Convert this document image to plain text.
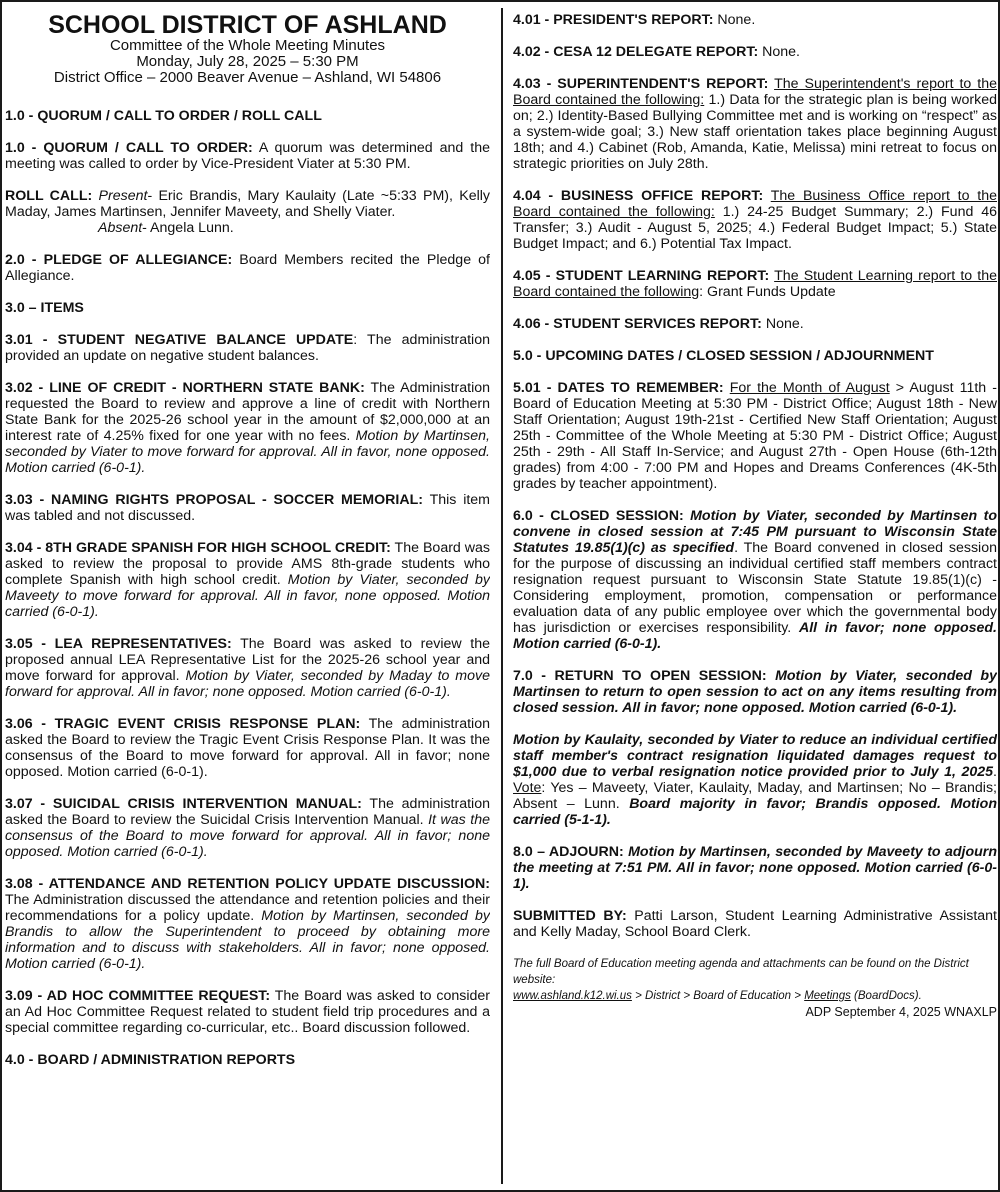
SCHOOL DISTRICT OF ASHLAND
Committee of the Whole Meeting Minutes
Monday, July 28, 2025 – 5:30 PM
District Office – 2000 Beaver Avenue – Ashland, WI 54806

1.0 - QUORUM / CALL TO ORDER / ROLL CALL

1.0 - QUORUM / CALL TO ORDER: A quorum was determined and the meeting was called to order by Vice-President Viater at 5:30 PM.

ROLL CALL: Present- Eric Brandis, Mary Kaulaity (Late ~5:33 PM), Kelly Maday, James Martinsen, Jennifer Maveety, and Shelly Viater.

Absent- Angela Lunn.

2.0 - PLEDGE OF ALLEGIANCE: Board Members recited the Pledge of Allegiance.

3.0 – ITEMS

3.01 - STUDENT NEGATIVE BALANCE UPDATE: The administration provided an update on negative student balances.

3.02 - LINE OF CREDIT - NORTHERN STATE BANK: The Administration requested the Board to review and approve a line of credit with Northern State Bank for the 2025-26 school year in the amount of $2,000,000 at an interest rate of 4.25% fixed for one year with no fees. Motion by Martinsen, seconded by Viater to move forward for approval. All in favor, none opposed. Motion carried (6-0-1).

3.03 - NAMING RIGHTS PROPOSAL - SOCCER MEMORIAL: This item was tabled and not discussed.

3.04 - 8TH GRADE SPANISH FOR HIGH SCHOOL CREDIT: The Board was asked to review the proposal to provide AMS 8th-grade students who complete Spanish with high school credit. Motion by Viater, seconded by Maveety to move forward for approval. All in favor, none opposed. Motion carried (6-0-1).

3.05 - LEA REPRESENTATIVES: The Board was asked to review the proposed annual LEA Representative List for the 2025-26 school year and move forward for approval. Motion by Viater, seconded by Maday to move forward for approval. All in favor; none opposed. Motion carried (6-0-1).

3.06 - TRAGIC EVENT CRISIS RESPONSE PLAN: The administration asked the Board to review the Tragic Event Crisis Response Plan. It was the consensus of the Board to move forward for approval. All in favor; none opposed. Motion carried (6-0-1).

3.07 - SUICIDAL CRISIS INTERVENTION MANUAL: The administration asked the Board to review the Suicidal Crisis Intervention Manual. It was the consensus of the Board to move forward for approval. All in favor; none opposed. Motion carried (6-0-1).

3.08 - ATTENDANCE AND RETENTION POLICY UPDATE DISCUSSION: The Administration discussed the attendance and retention policies and their recommendations for a policy update. Motion by Martinsen, seconded by Brandis to allow the Superintendent to proceed by obtaining more information and to discuss with stakeholders. All in favor; none opposed. Motion carried (6-0-1).

3.09 - AD HOC COMMITTEE REQUEST: The Board was asked to consider an Ad Hoc Committee Request related to student field trip procedures and a special committee regarding co-curricular, etc.. Board discussion followed.

4.0 - BOARD / ADMINISTRATION REPORTS

4.01 - PRESIDENT'S REPORT: None.

4.02 - CESA 12 DELEGATE REPORT: None.

4.03 - SUPERINTENDENT'S REPORT: The Superintendent's report to the Board contained the following: 1.) Data for the strategic plan is being worked on; 2.) Identity-Based Bullying Committee met and is working on “respect” as a system-wide goal; 3.) New staff orientation takes place beginning August 18th; and 4.) Cabinet (Rob, Amanda, Katie, Melissa) mini retreat to focus on strategic priorities on July 28th.

4.04 - BUSINESS OFFICE REPORT: The Business Office report to the Board contained the following: 1.) 24-25 Budget Summary; 2.) Fund 46 Transfer; 3.) Audit - August 5, 2025; 4.) Federal Budget Impact; 5.) State Budget Impact; and 6.) Potential Tax Impact.

4.05 - STUDENT LEARNING REPORT: The Student Learning report to the Board contained the following: Grant Funds Update

4.06 - STUDENT SERVICES REPORT: None.

5.0 - UPCOMING DATES / CLOSED SESSION / ADJOURNMENT

5.01 - DATES TO REMEMBER: For the Month of August > August 11th - Board of Education Meeting at 5:30 PM - District Office; August 18th - New Staff Orientation; August 19th-21st - Certified New Staff Orientation; August 25th - Committee of the Whole Meeting at 5:30 PM - District Office; August 25th - 29th - All Staff In-Service; and August 27th - Open House (6th-12th grades) from 4:00 - 7:00 PM and Hopes and Dreams Conferences (4K-5th grades by teacher appointment).

6.0 - CLOSED SESSION: Motion by Viater, seconded by Martinsen to convene in closed session at 7:45 PM pursuant to Wisconsin State Statutes 19.85(1)(c) as specified. The Board convened in closed session for the purpose of discussing an individual certified staff members contract resignation request pursuant to Wisconsin State Statute 19.85(1)(c) - Considering employment, promotion, compensation or performance evaluation data of any public employee over which the governmental body has jurisdiction or exercises responsibility. All in favor; none opposed. Motion carried (6-0-1).

7.0 - RETURN TO OPEN SESSION: Motion by Viater, seconded by Martinsen to return to open session to act on any items resulting from closed session. All in favor; none opposed. Motion carried (6-0-1).

Motion by Kaulaity, seconded by Viater to reduce an individual certified staff member's contract resignation liquidated damages request to $1,000 due to verbal resignation notice provided prior to July 1, 2025. Vote: Yes – Maveety, Viater, Kaulaity, Maday, and Martinsen; No – Brandis; Absent – Lunn. Board majority in favor; Brandis opposed. Motion carried (5-1-1).

8.0 – ADJOURN: Motion by Martinsen, seconded by Maveety to adjourn the meeting at 7:51 PM. All in favor; none opposed. Motion carried (6-0-1).

SUBMITTED BY: Patti Larson, Student Learning Administrative Assistant and Kelly Maday, School Board Clerk.

The full Board of Education meeting agenda and attachments can be found on the District website:

www.ashland.k12.wi.us > District > Board of Education > Meetings (BoardDocs).

ADP September 4, 2025 WNAXLP
